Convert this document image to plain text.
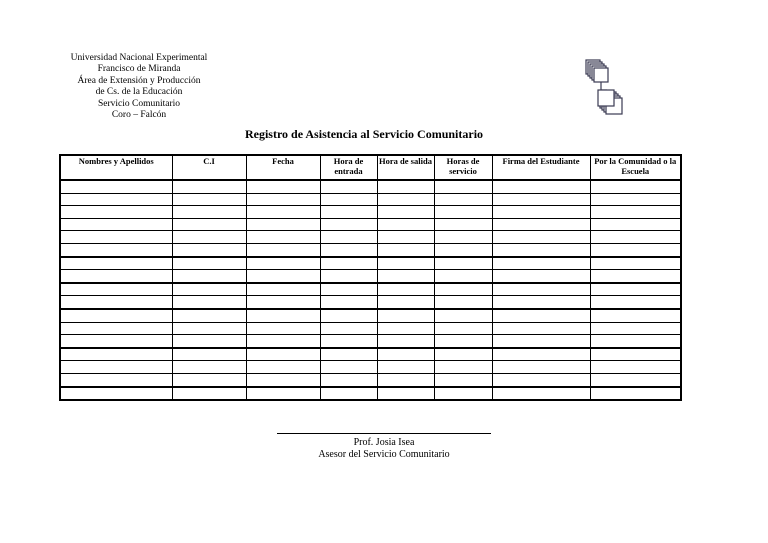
Universidad Nacional Experimental
Francisco de Miranda
Área de Extensión y Producción
de Cs. de la Educación
Servicio Comunitario
Coro – Falcón
Registro de Asistencia al Servicio Comunitario
Nombres y Apellidos	C.I	Fecha	Hora de entrada	Hora de salida	Horas de servicio	Firma del Estudiante	Por la Comunidad o la Escuela

Prof. Josia Isea
Asesor del Servicio Comunitario
